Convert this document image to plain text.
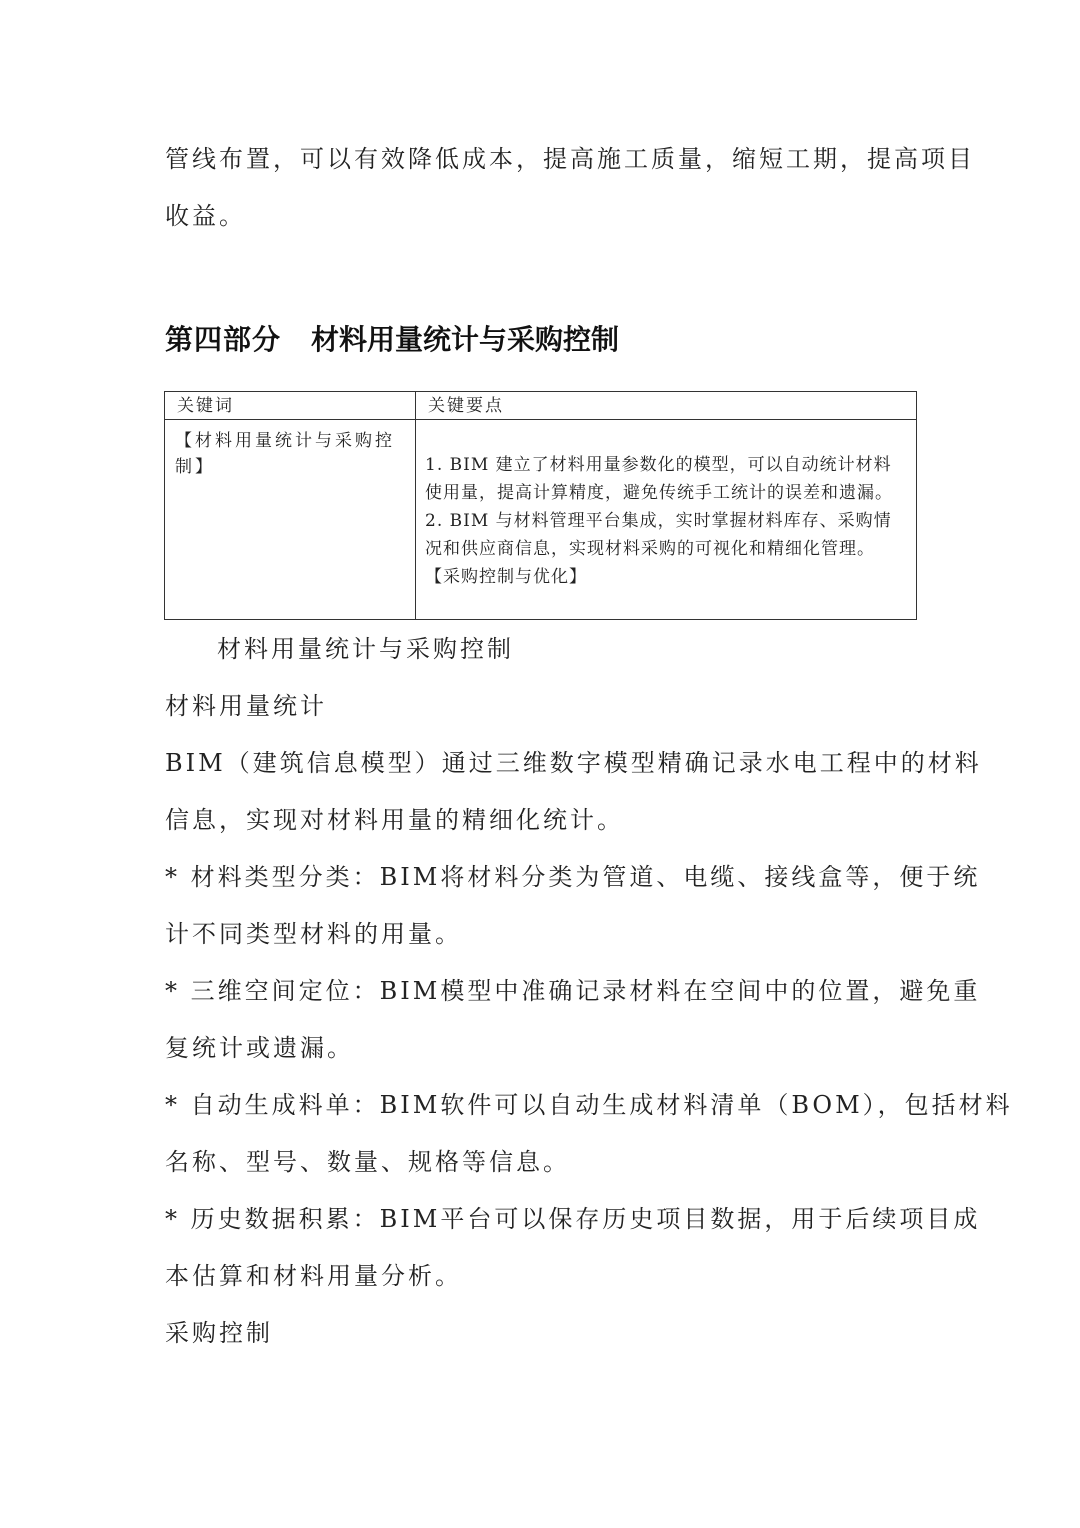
管线布置，可以有效降低成本，提高施工质量，缩短工期，提高项目
收益。
第四部分 材料用量统计与采购控制
关键词	关键要点

【材料用量统计与采购控制】	1. BIM 建立了材料用量参数化的模型，可以自动统计材料
使用量，提高计算精度，避免传统手工统计的误差和遗漏。
2. BIM 与材料管理平台集成，实时掌握材料库存、采购情
况和供应商信息，实现材料采购的可视化和精细化管理。
【采购控制与优化】
材料用量统计与采购控制
材料用量统计
BIM（建筑信息模型）通过三维数字模型精确记录水电工程中的材料
信息，实现对材料用量的精细化统计。
* 材料类型分类：BIM将材料分类为管道、电缆、接线盒等，便于统
计不同类型材料的用量。
* 三维空间定位：BIM模型中准确记录材料在空间中的位置，避免重
复统计或遗漏。
* 自动生成料单：BIM软件可以自动生成材料清单（BOM），包括材料
名称、型号、数量、规格等信息。
* 历史数据积累：BIM平台可以保存历史项目数据，用于后续项目成
本估算和材料用量分析。
采购控制
